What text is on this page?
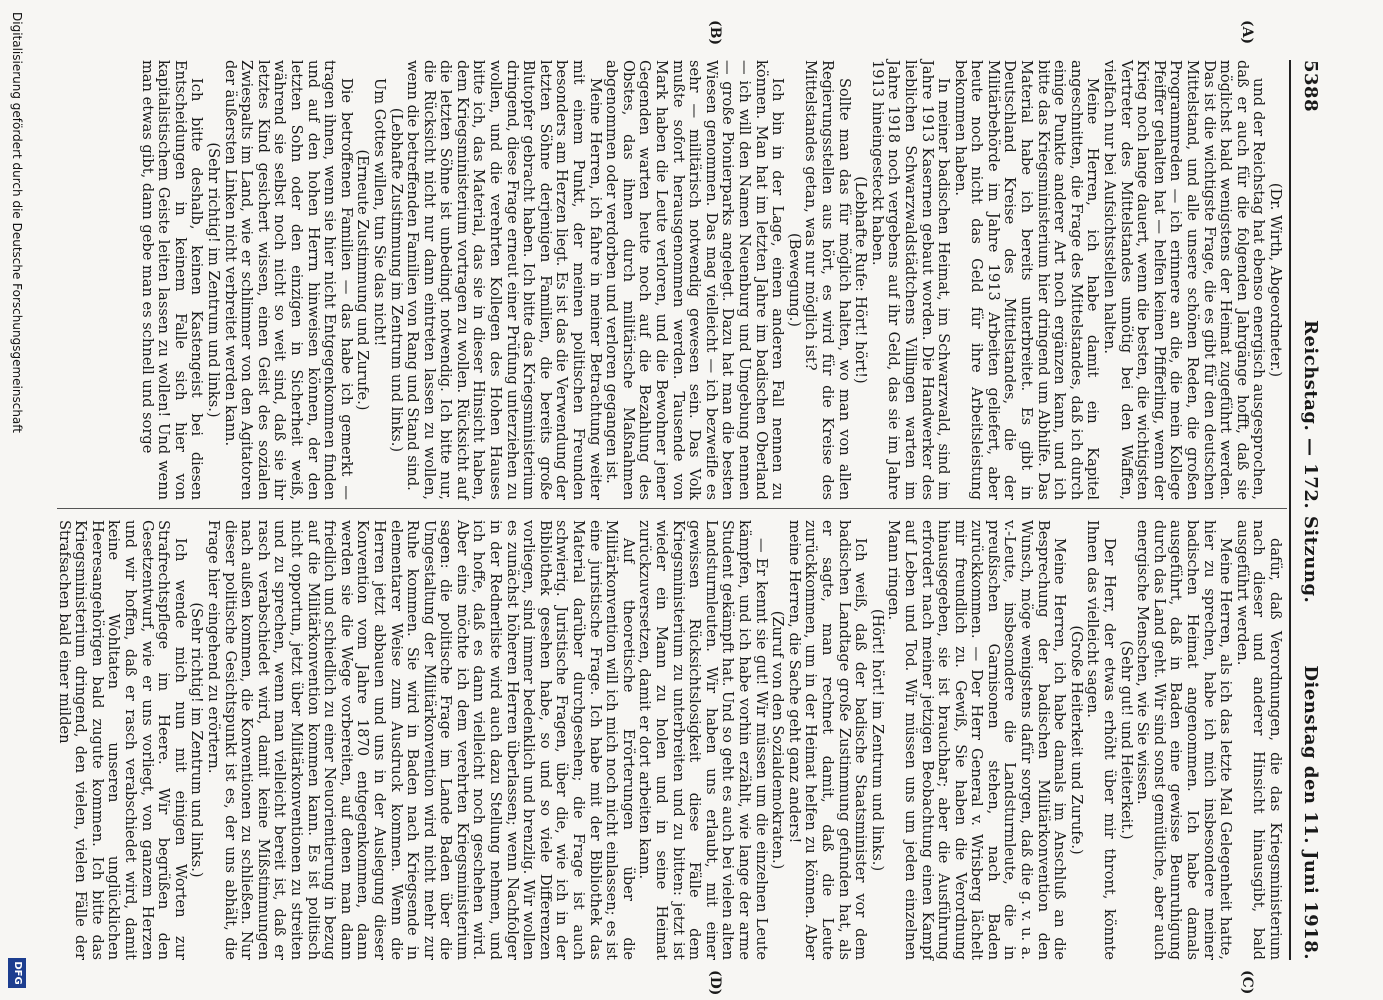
5388
Reichstag. — 172. Sitzung.
Dienstag den 11. Juni 1918.
(A)
(B)
(C)
(D)

(Dr. Wirth, Abgeordneter.)

und der Reichstag hat ebenso energisch ausgesprochen, daß er auch für die folgenden Jahrgänge hofft, daß sie möglichst bald wenigstens der Heimat zugeführt werden. Das ist die wichtigste Frage, die es gibt für den deutschen Mittelstand, und alle unsere schönen Reden, die großen Programmreden — ich erinnere an die, die mein Kollege Pfeiffer gehalten hat — helfen keinen Pfifferling, wenn der Krieg noch lange dauert, wenn die besten, die wichtigsten Vertreter des Mittelstandes unnötig bei den Waffen, vielfach nur bei Aufsichtsstellen halten.

Meine Herren, ich habe damit ein Kapitel angeschnitten, die Frage des Mittelstandes, daß ich durch einige Punkte anderer Art noch ergänzen kann, und ich bitte das Kriegsministerium hier dringend um Abhilfe. Das Material habe ich bereits unterbreitet. Es gibt in Deutschland Kreise des Mittelstandes, die der Militärbehörde im Jahre 1913 Arbeiten geliefert, aber heute noch nicht das Geld für ihre Arbeitsleistung bekommen haben.

In meiner badischen Heimat, im Schwarzwald, sind im Jahre 1913 Kasernen gebaut worden. Die Handwerker des lieblichen Schwarzwaldstädtchens Villingen warten im Jahre 1918 noch vergebens auf ihr Geld, das sie im Jahre 1913 hineingesteckt haben.

(Lebhafte Rufe: Hört! hört!)

Sollte man das für möglich halten, wo man von allen Regierungsstellen aus hört, es wird für die Kreise des Mittelstandes getan, was nur möglich ist?

(Bewegung.)

Ich bin in der Lage, einen anderen Fall nennen zu können. Man hat im letzten Jahre im badischen Oberland — ich will den Namen Neuenburg und Umgebung nennen — große Pionierparks angelegt. Dazu hat man die besten Wiesen genommen. Das mag vielleicht — ich bezweifle es sehr — militärisch notwendig gewesen sein. Das Volk mußte sofort herausgenommen werden. Tausende von Mark haben die Leute verloren, und die Bewohner jener Gegenden warten heute noch auf die Bezahlung des Obstes, das ihnen durch militärische Maßnahmen abgenommen oder verdorben und verloren gegangen ist.

Meine Herren, ich fahre in meiner Betrachtung weiter mit einem Punkt, der meinen politischen Freunden besonders am Herzen liegt. Es ist das die Verwendung der letzten Söhne derjenigen Familien, die bereits große Blutopfer gebracht haben. Ich bitte das Kriegsministerium dringend, diese Frage erneut einer Prüfung unterziehen zu wollen, und die verehrten Kollegen des Hohen Hauses bitte ich, das Material, das sie in dieser Hinsicht haben, dem Kriegsministerium vortragen zu wollen. Rücksicht auf die letzten Söhne ist unbedingt notwendig. Ich bitte nur, die Rücksicht nicht nur dann eintreten lassen zu wollen, wenn die betreffenden Familien von Rang und Stand sind.

(Lebhafte Zustimmung im Zentrum und links.)

Um Gottes willen, tun Sie das nicht!

(Erneute Zustimmung und Zurufe.)

Die betroffenen Familien — das habe ich gemerkt — tragen ihnen, wenn sie hier nicht Entgegenkommen finden und auf den hohen Herrn hinweisen können, der den letzten Sohn oder den einzigen in Sicherheit weiß, während sie selbst noch nicht so weit sind, daß sie ihr letztes Kind gesichert wissen, einen Geist des sozialen Zwiespalts im Land, wie er schlimmer von den Agitatoren der äußersten Linken nicht verbreitet werden kann.

(Sehr richtig! im Zentrum und links.)

Ich bitte deshalb, keinen Kastengeist bei diesen Entscheidungen in keinem Falle sich hier von kapitalistischem Geiste leiten lassen zu wollen! Und wenn man etwas gibt, dann gebe man es schnell und sorge

dafür, daß Verordnungen, die das Kriegsministerium nach dieser und anderer Hinsicht hinausgibt, bald ausgeführt werden.

Meine Herren, als ich das letzte Mal Gelegenheit hatte, hier zu sprechen, habe ich mich insbesondere meiner badischen Heimat angenommen. Ich habe damals ausgeführt, daß in Baden eine gewisse Beunruhigung durch das Land geht. Wir sind sonst gemütliche, aber auch energische Menschen, wie Sie wissen.

(Sehr gut! und Heiterkeit.)

Der Herr, der etwas erhöht über mir thront, könnte Ihnen das vielleicht sagen.

(Große Heiterkeit und Zurufe.)

Meine Herren, ich habe damals im Anschluß an die Besprechung der badischen Militärkonvention den Wunsch, möge wenigstens dafür sorgen, daß die g. v. u. a. v.-Leute, insbesondere die Landsturmleute, die in preußischen Garnisonen stehen, nach Baden zurückkommen. — Der Herr General v. Wrisberg lächelt mir freundlich zu. Gewiß, Sie haben die Verordnung hinausgegeben, sie ist brauchbar; aber die Ausführung erfordert nach meiner jetzigen Beobachtung einen Kampf auf Leben und Tod. Wir müssen uns um jeden einzelnen Mann ringen.

(Hört! hört! im Zentrum und links.)

Ich weiß, daß der badische Staatsminister vor dem badischen Landtage große Zustimmung gefunden hat, als er sagte, man rechnet damit, daß die Leute zurückkommen, um in der Heimat helfen zu können. Aber meine Herren, die Sache geht ganz anders!

(Zuruf von den Sozialdemokraten.)

— Er kennt sie gut! Wir müssen um die einzelnen Leute kämpfen, und ich habe vorhin erzählt, wie lange der arme Student gekämpft hat. Und so geht es auch bei vielen alten Landsturmleuten. Wir haben uns erlaubt, mit einer gewissen Rücksichtslosigkeit diese Fälle dem Kriegsministerium zu unterbreiten und zu bitten: jetzt ist wieder ein Mann zu holen und in seine Heimat zurückzuversetzen, damit er dort arbeiten kann.

Auf theoretische Erörterungen über die Militärkonvention will ich mich noch nicht einlassen; es ist eine juristische Frage. Ich habe mit der Bibliothek das Material darüber durchgesehen; die Frage ist auch schwierig. Juristische Fragen, über die, wie ich in der Bibliothek gesehen habe, so und so viele Differenzen vorliegen, sind immer bedenklich und brenzlig. Wir wollen es zunächst höheren Herren überlassen; wenn Nachfolger in der Rednerliste wird auch dazu Stellung nehmen, und ich hoffe, daß es dann vielleicht noch geschehen wird. Aber eins möchte ich dem verehrten Kriegsministerium sagen: die politische Frage im Lande Baden über die Umgestaltung der Militärkonvention wird nicht mehr zur Ruhe kommen. Sie wird in Baden nach Kriegsende in elementarer Weise zum Ausdruck kommen. Wenn die Herren jetzt abbauen und uns in der Auslegung dieser Konvention vom Jahre 1870 entgegenkommen, dann werden sie die Wege vorbereiten, auf denen man dann friedlich und schiedlich zu einer Neuorientierung in bezug auf die Militärkonvention kommen kann. Es ist politisch nicht opportun, jetzt über Militärkonventionen zu streiten und zu sprechen, wenn man vielleicht bereit ist, daß er rasch verabschiedet wird, damit keine Mißstimmungen nach außen kommen, die Konventionen zu schließen. Nur dieser politische Gesichtspunkt ist es, der uns abhält, die Frage hier eingehend zu erörtern.

(Sehr richtig! im Zentrum und links.)

Ich wende mich nun mit einigen Worten zur Strafrechtspflege im Heere. Wir begrüßen den Gesetzentwurf, wie er uns vorliegt, von ganzem Herzen und wir hoffen, daß er rasch verabschiedet wird, damit keine Wohltaten unseren unglücklichen Heeresangehörigen bald zugute kommen. Ich bitte das Kriegsministerium dringend, den vielen, vielen Fälle der Strafsachen bald einer milden

Digitalisierung gefördert durch die Deutsche Forschungsgemeinschaft
DFG
